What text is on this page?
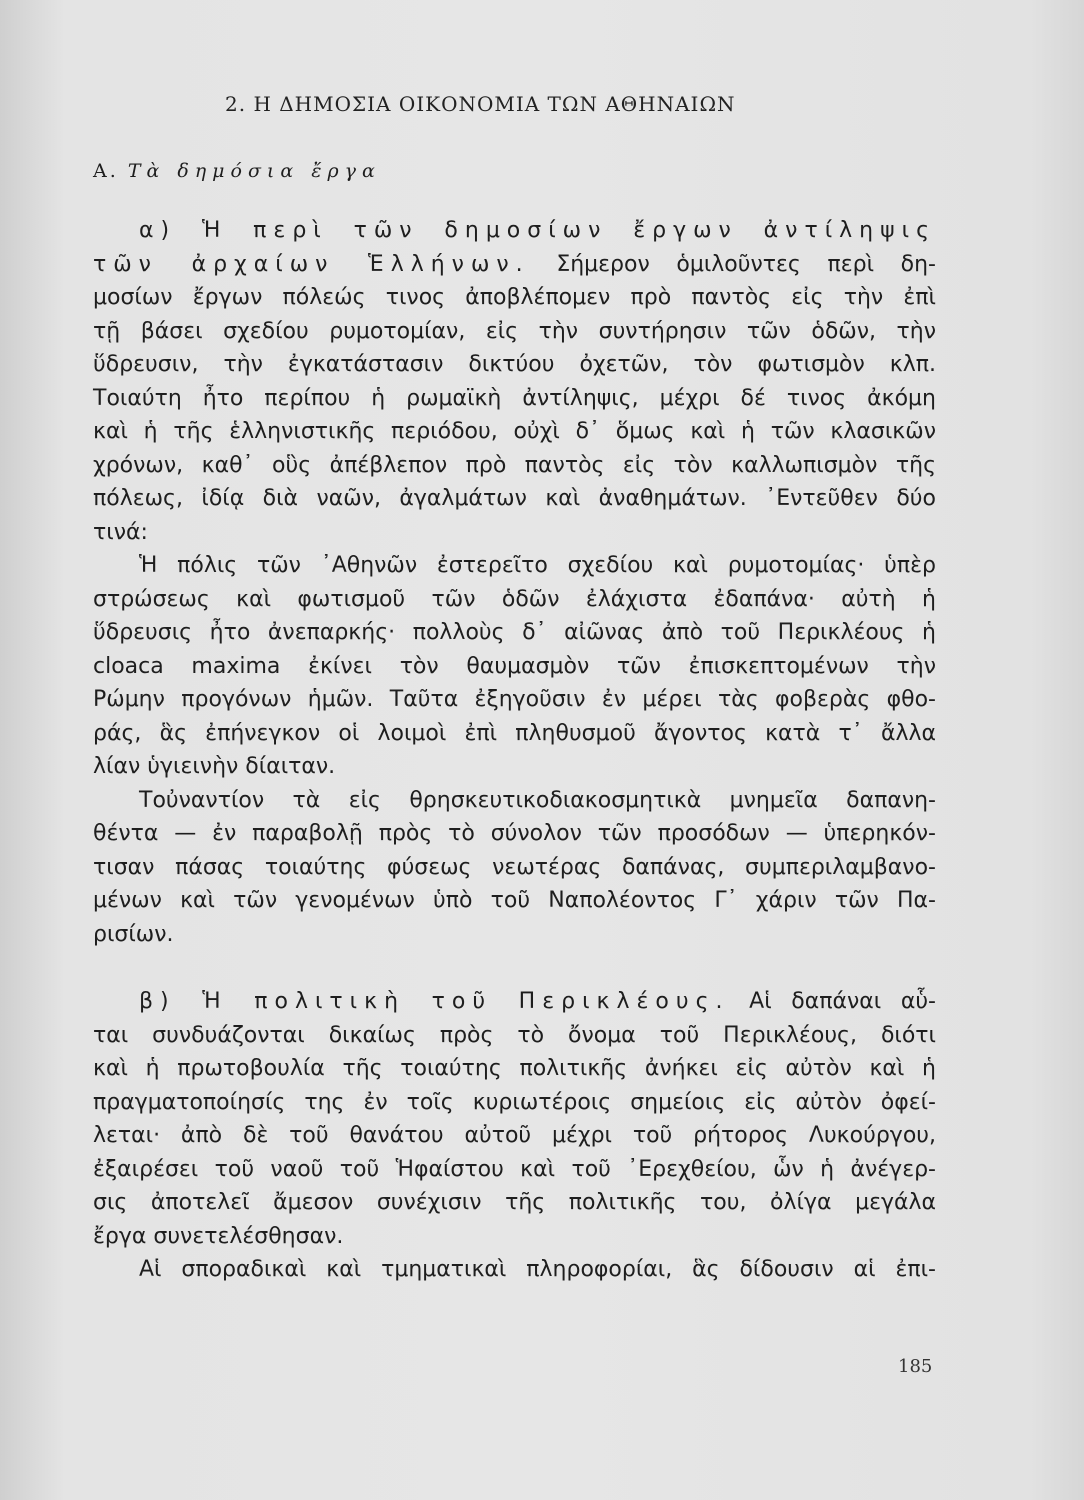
2. Η ΔΗΜΟΣΙΑ ΟΙΚΟΝΟΜΙΑ ΤΩΝ ΑΘΗΝΑΙΩΝ
Α. Τὰ δημόσια ἔργα

α) Ἡ περὶ τῶν δημοσίων ἔργων ἀντίληψις

τῶν ἀρχαίων Ἑλλήνων. Σήμερον ὁμιλοῦντες περὶ δη-

μοσίων ἔργων πόλεώς τινος ἀποβλέπομεν πρὸ παντὸς εἰς τὴν ἐπὶ

τῇ βάσει σχεδίου ρυμοτομίαν, εἰς τὴν συντήρησιν τῶν ὁδῶν, τὴν

ὕδρευσιν, τὴν ἐγκατάστασιν δικτύου ὀχετῶν, τὸν φωτισμὸν κλπ.

Τοιαύτη ἦτο περίπου ἡ ρωμαϊκὴ ἀντίληψις, μέχρι δέ τινος ἀκόμη

καὶ ἡ τῆς ἑλληνιστικῆς περιόδου, οὐχὶ δ᾿ ὅμως καὶ ἡ τῶν κλασικῶν

χρόνων, καθ᾿ οὓς ἀπέβλεπον πρὸ παντὸς εἰς τὸν καλλωπισμὸν τῆς

πόλεως, ἰδίᾳ διὰ ναῶν, ἀγαλμάτων καὶ ἀναθημάτων. ᾿Εντεῦθεν δύο

τινά:

Ἡ πόλις τῶν ᾿Αθηνῶν ἐστερεῖτο σχεδίου καὶ ρυμοτομίας· ὑπὲρ

στρώσεως καὶ φωτισμοῦ τῶν ὁδῶν ἐλάχιστα ἐδαπάνα· αὐτὴ ἡ

ὕδρευσις ἦτο ἀνεπαρκής· πολλοὺς δ᾿ αἰῶνας ἀπὸ τοῦ Περικλέους ἡ

cloaca maxima ἐκίνει τὸν θαυμασμὸν τῶν ἐπισκεπτομένων τὴν

Ρώμην προγόνων ἡμῶν. Ταῦτα ἐξηγοῦσιν ἐν μέρει τὰς φοβερὰς φθο-

ράς, ἃς ἐπήνεγκον οἱ λοιμοὶ ἐπὶ πληθυσμοῦ ἄγοντος κατὰ τ᾿ ἄλλα

λίαν ὑγιεινὴν δίαιταν.

Τοὐναντίον τὰ εἰς θρησκευτικοδιακοσμητικὰ μνημεῖα δαπανη-

θέντα — ἐν παραβολῇ πρὸς τὸ σύνολον τῶν προσόδων — ὑπερηκόν-

τισαν πάσας τοιαύτης φύσεως νεωτέρας δαπάνας, συμπεριλαμβανο-

μένων καὶ τῶν γενομένων ὑπὸ τοῦ Ναπολέοντος Γ᾿ χάριν τῶν Πα-

ρισίων.

β) Ἡ πολιτικὴ τοῦ Περικλέους. Αἱ δαπάναι αὗ-

ται συνδυάζονται δικαίως πρὸς τὸ ὄνομα τοῦ Περικλέους, διότι

καὶ ἡ πρωτοβουλία τῆς τοιαύτης πολιτικῆς ἀνήκει εἰς αὐτὸν καὶ ἡ

πραγματοποίησίς της ἐν τοῖς κυριωτέροις σημείοις εἰς αὐτὸν ὀφεί-

λεται· ἀπὸ δὲ τοῦ θανάτου αὐτοῦ μέχρι τοῦ ρήτορος Λυκούργου,

ἐξαιρέσει τοῦ ναοῦ τοῦ Ἡφαίστου καὶ τοῦ ᾿Ερεχθείου, ὧν ἡ ἀνέγερ-

σις ἀποτελεῖ ἄμεσον συνέχισιν τῆς πολιτικῆς του, ὀλίγα μεγάλα

ἔργα συνετελέσθησαν.

Αἱ σποραδικαὶ καὶ τμηματικαὶ πληροφορίαι, ἃς δίδουσιν αἱ ἐπι-

185
